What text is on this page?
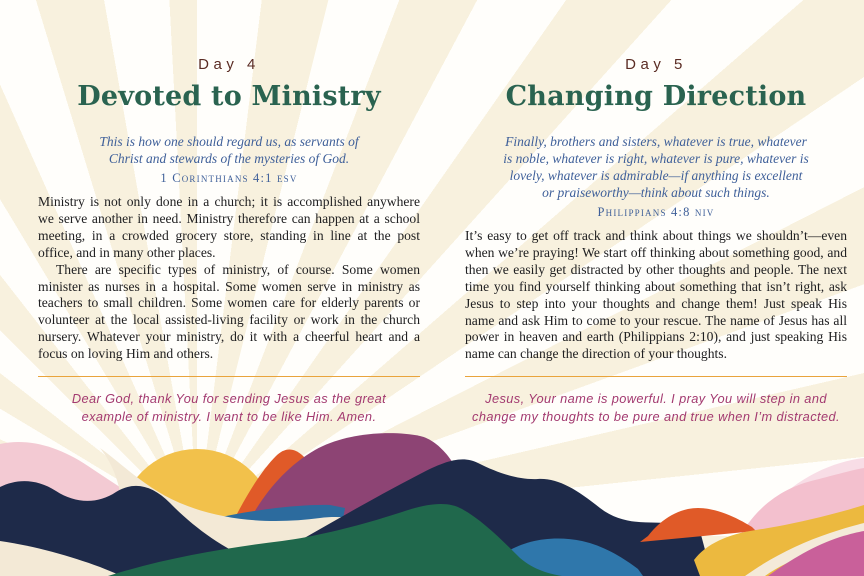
Day 4
Devoted to Ministry
This is how one should regard us, as servants of
Christ and stewards of the mysteries of God.
1 Corinthians 4:1 esv

Ministry is not only done in a church; it is accomplished anywhere we serve another in need. Ministry therefore can happen at a school meeting, in a crowded grocery store, standing in line at the post office, and in many other places.

There are specific types of ministry, of course. Some women minister as nurses in a hospital. Some women serve in ministry as teachers to small children. Some women care for elderly parents or volunteer at the local assisted-living facility or work in the church nursery. Whatever your ministry, do it with a cheerful heart and a focus on loving Him and others.

Dear God, thank You for sending Jesus as the great
example of ministry. I want to be like Him. Amen.
Day 5
Changing Direction
Finally, brothers and sisters, whatever is true, whatever
is noble, whatever is right, whatever is pure, whatever is
lovely, whatever is admirable—if anything is excellent
or praiseworthy—think about such things.
Philippians 4:8 niv

It’s easy to get off track and think about things we shouldn’t—even when we’re praying! We start off thinking about something good, and then we easily get distracted by other thoughts and people. The next time you find yourself thinking about something that isn’t right, ask Jesus to step into your thoughts and change them! Just speak His name and ask Him to come to your rescue. The name of Jesus has all power in heaven and earth (Philippians 2:10), and just speaking His name can change the direction of your thoughts.

Jesus, Your name is powerful. I pray You will step in and
change my thoughts to be pure and true when I’m distracted.
